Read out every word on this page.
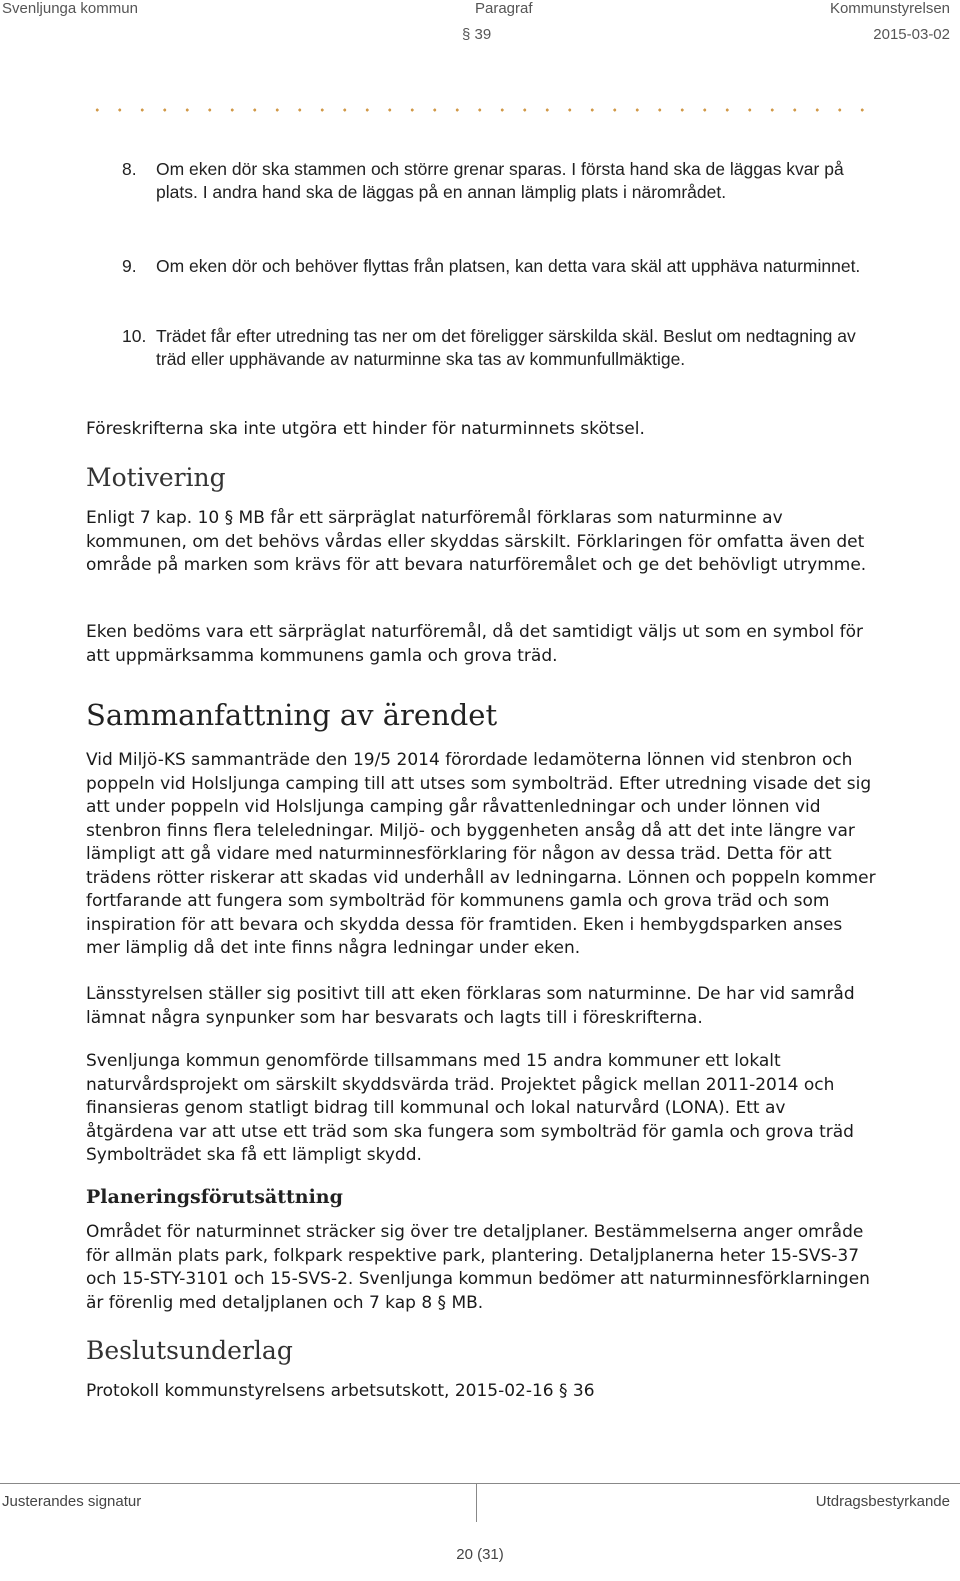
Svenljunga kommun	Paragraf	Kommunstyrelsen
§ 39	2015-03-02
8. Om eken dör ska stammen och större grenar sparas. I första hand ska de läggas kvar på plats. I andra hand ska de läggas på en annan lämplig plats i närområdet.
9. Om eken dör och behöver flyttas från platsen, kan detta vara skäl att upphäva naturminnet.
10. Trädet får efter utredning tas ner om det föreligger särskilda skäl. Beslut om nedtagning av träd eller upphävande av naturminne ska tas av kommunfullmäktige.

Föreskrifterna ska inte utgöra ett hinder för naturminnets skötsel.

Motivering

Enligt 7 kap. 10 § MB får ett särpräglat naturföremål förklaras som naturminne av kommunen, om det behövs vårdas eller skyddas särskilt. Förklaringen för omfatta även det område på marken som krävs för att bevara naturföremålet och ge det behövligt utrymme.

Eken bedöms vara ett särpräglat naturföremål, då det samtidigt väljs ut som en symbol för att uppmärksamma kommunens gamla och grova träd.

Sammanfattning av ärendet

Vid Miljö-KS sammanträde den 19/5 2014 förordade ledamöterna lönnen vid stenbron och poppeln vid Holsljunga camping till att utses som symbolträd. Efter utredning visade det sig att under poppeln vid Holsljunga camping går råvattenledningar och under lönnen vid stenbron finns flera teleledningar. Miljö- och byggenheten ansåg då att det inte längre var lämpligt att gå vidare med naturminnesförklaring för någon av dessa träd. Detta för att trädens rötter riskerar att skadas vid underhåll av ledningarna. Lönnen och poppeln kommer fortfarande att fungera som symbolträd för kommunens gamla och grova träd och som inspiration för att bevara och skydda dessa för framtiden. Eken i hembygdsparken anses mer lämplig då det inte finns några ledningar under eken.

Länsstyrelsen ställer sig positivt till att eken förklaras som naturminne. De har vid samråd lämnat några synpunker som har besvarats och lagts till i föreskrifterna.

Svenljunga kommun genomförde tillsammans med 15 andra kommuner ett lokalt naturvårdsprojekt om särskilt skyddsvärda träd. Projektet pågick mellan 2011-2014 och finansieras genom statligt bidrag till kommunal och lokal naturvård (LONA). Ett av åtgärdena var att utse ett träd som ska fungera som symbolträd för gamla och grova träd Symbolträdet ska få ett lämpligt skydd.

Planeringsförutsättning

Området för naturminnet sträcker sig över tre detaljplaner. Bestämmelserna anger område för allmän plats park, folkpark respektive park, plantering. Detaljplanerna heter 15-SVS-37 och 15-STY-3101 och 15-SVS-2. Svenljunga kommun bedömer att naturminnesförklarningen är förenlig med detaljplanen och 7 kap 8 § MB.

Beslutsunderlag

Protokoll kommunstyrelsens arbetsutskott, 2015-02-16 § 36

Justerandes signatur	Utdragsbestyrkande
20 (31)
